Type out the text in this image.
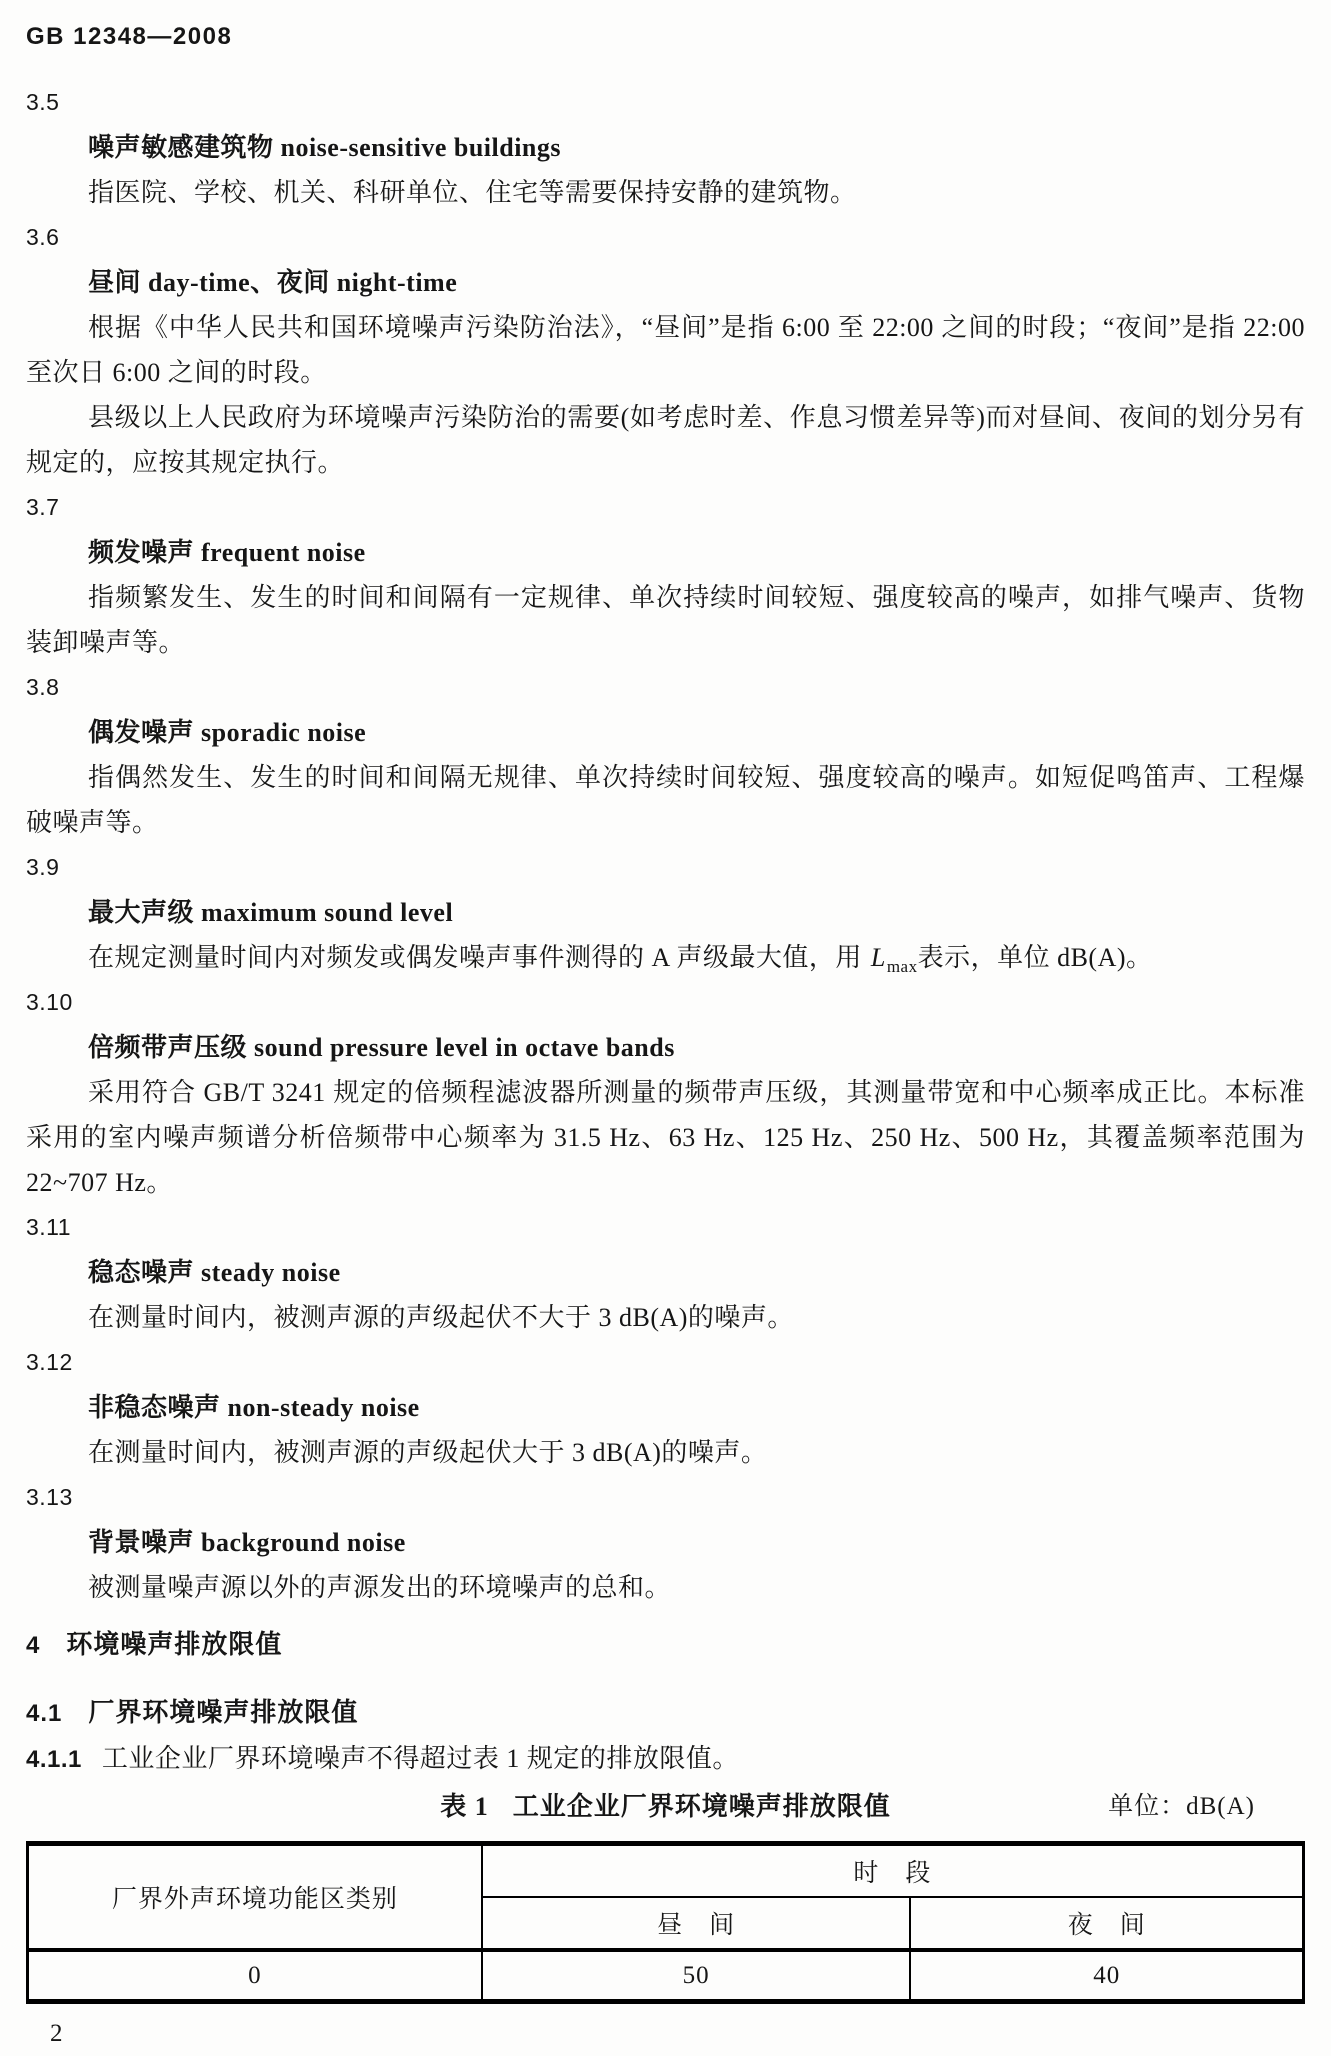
GB 12348—2008
3.5
噪声敏感建筑物 noise-sensitive buildings

指医院、学校、机关、科研单位、住宅等需要保持安静的建筑物。

3.6
昼间 day-time、夜间 night-time

根据《中华人民共和国环境噪声污染防治法》，“昼间”是指 6:00 至 22:00 之间的时段；“夜间”是指 22:00 至次日 6:00 之间的时段。

县级以上人民政府为环境噪声污染防治的需要(如考虑时差、作息习惯差异等)而对昼间、夜间的划分另有规定的，应按其规定执行。

3.7
频发噪声 frequent noise

指频繁发生、发生的时间和间隔有一定规律、单次持续时间较短、强度较高的噪声，如排气噪声、货物装卸噪声等。

3.8
偶发噪声 sporadic noise

指偶然发生、发生的时间和间隔无规律、单次持续时间较短、强度较高的噪声。如短促鸣笛声、工程爆破噪声等。

3.9
最大声级 maximum sound level

在规定测量时间内对频发或偶发噪声事件测得的 A 声级最大值，用 $L_{max}$表示，单位 dB(A)。

3.10
倍频带声压级 sound pressure level in octave bands

采用符合 GB/T 3241 规定的倍频程滤波器所测量的频带声压级，其测量带宽和中心频率成正比。本标准采用的室内噪声频谱分析倍频带中心频率为 31.5 Hz、63 Hz、125 Hz、250 Hz、500 Hz，其覆盖频率范围为 22~707 Hz。

3.11
稳态噪声 steady noise

在测量时间内，被测声源的声级起伏不大于 3 dB(A)的噪声。

3.12
非稳态噪声 non-steady noise

在测量时间内，被测声源的声级起伏大于 3 dB(A)的噪声。

3.13
背景噪声 background noise

被测量噪声源以外的声源发出的环境噪声的总和。

4 环境噪声排放限值
4.1 厂界环境噪声排放限值
4.1.1 工业企业厂界环境噪声不得超过表 1 规定的排放限值。
表 1 工业企业厂界环境噪声排放限值	单位：dB(A)
厂界外声环境功能区类别	时　段	
	昼　间	夜　间
0	50	40
2
